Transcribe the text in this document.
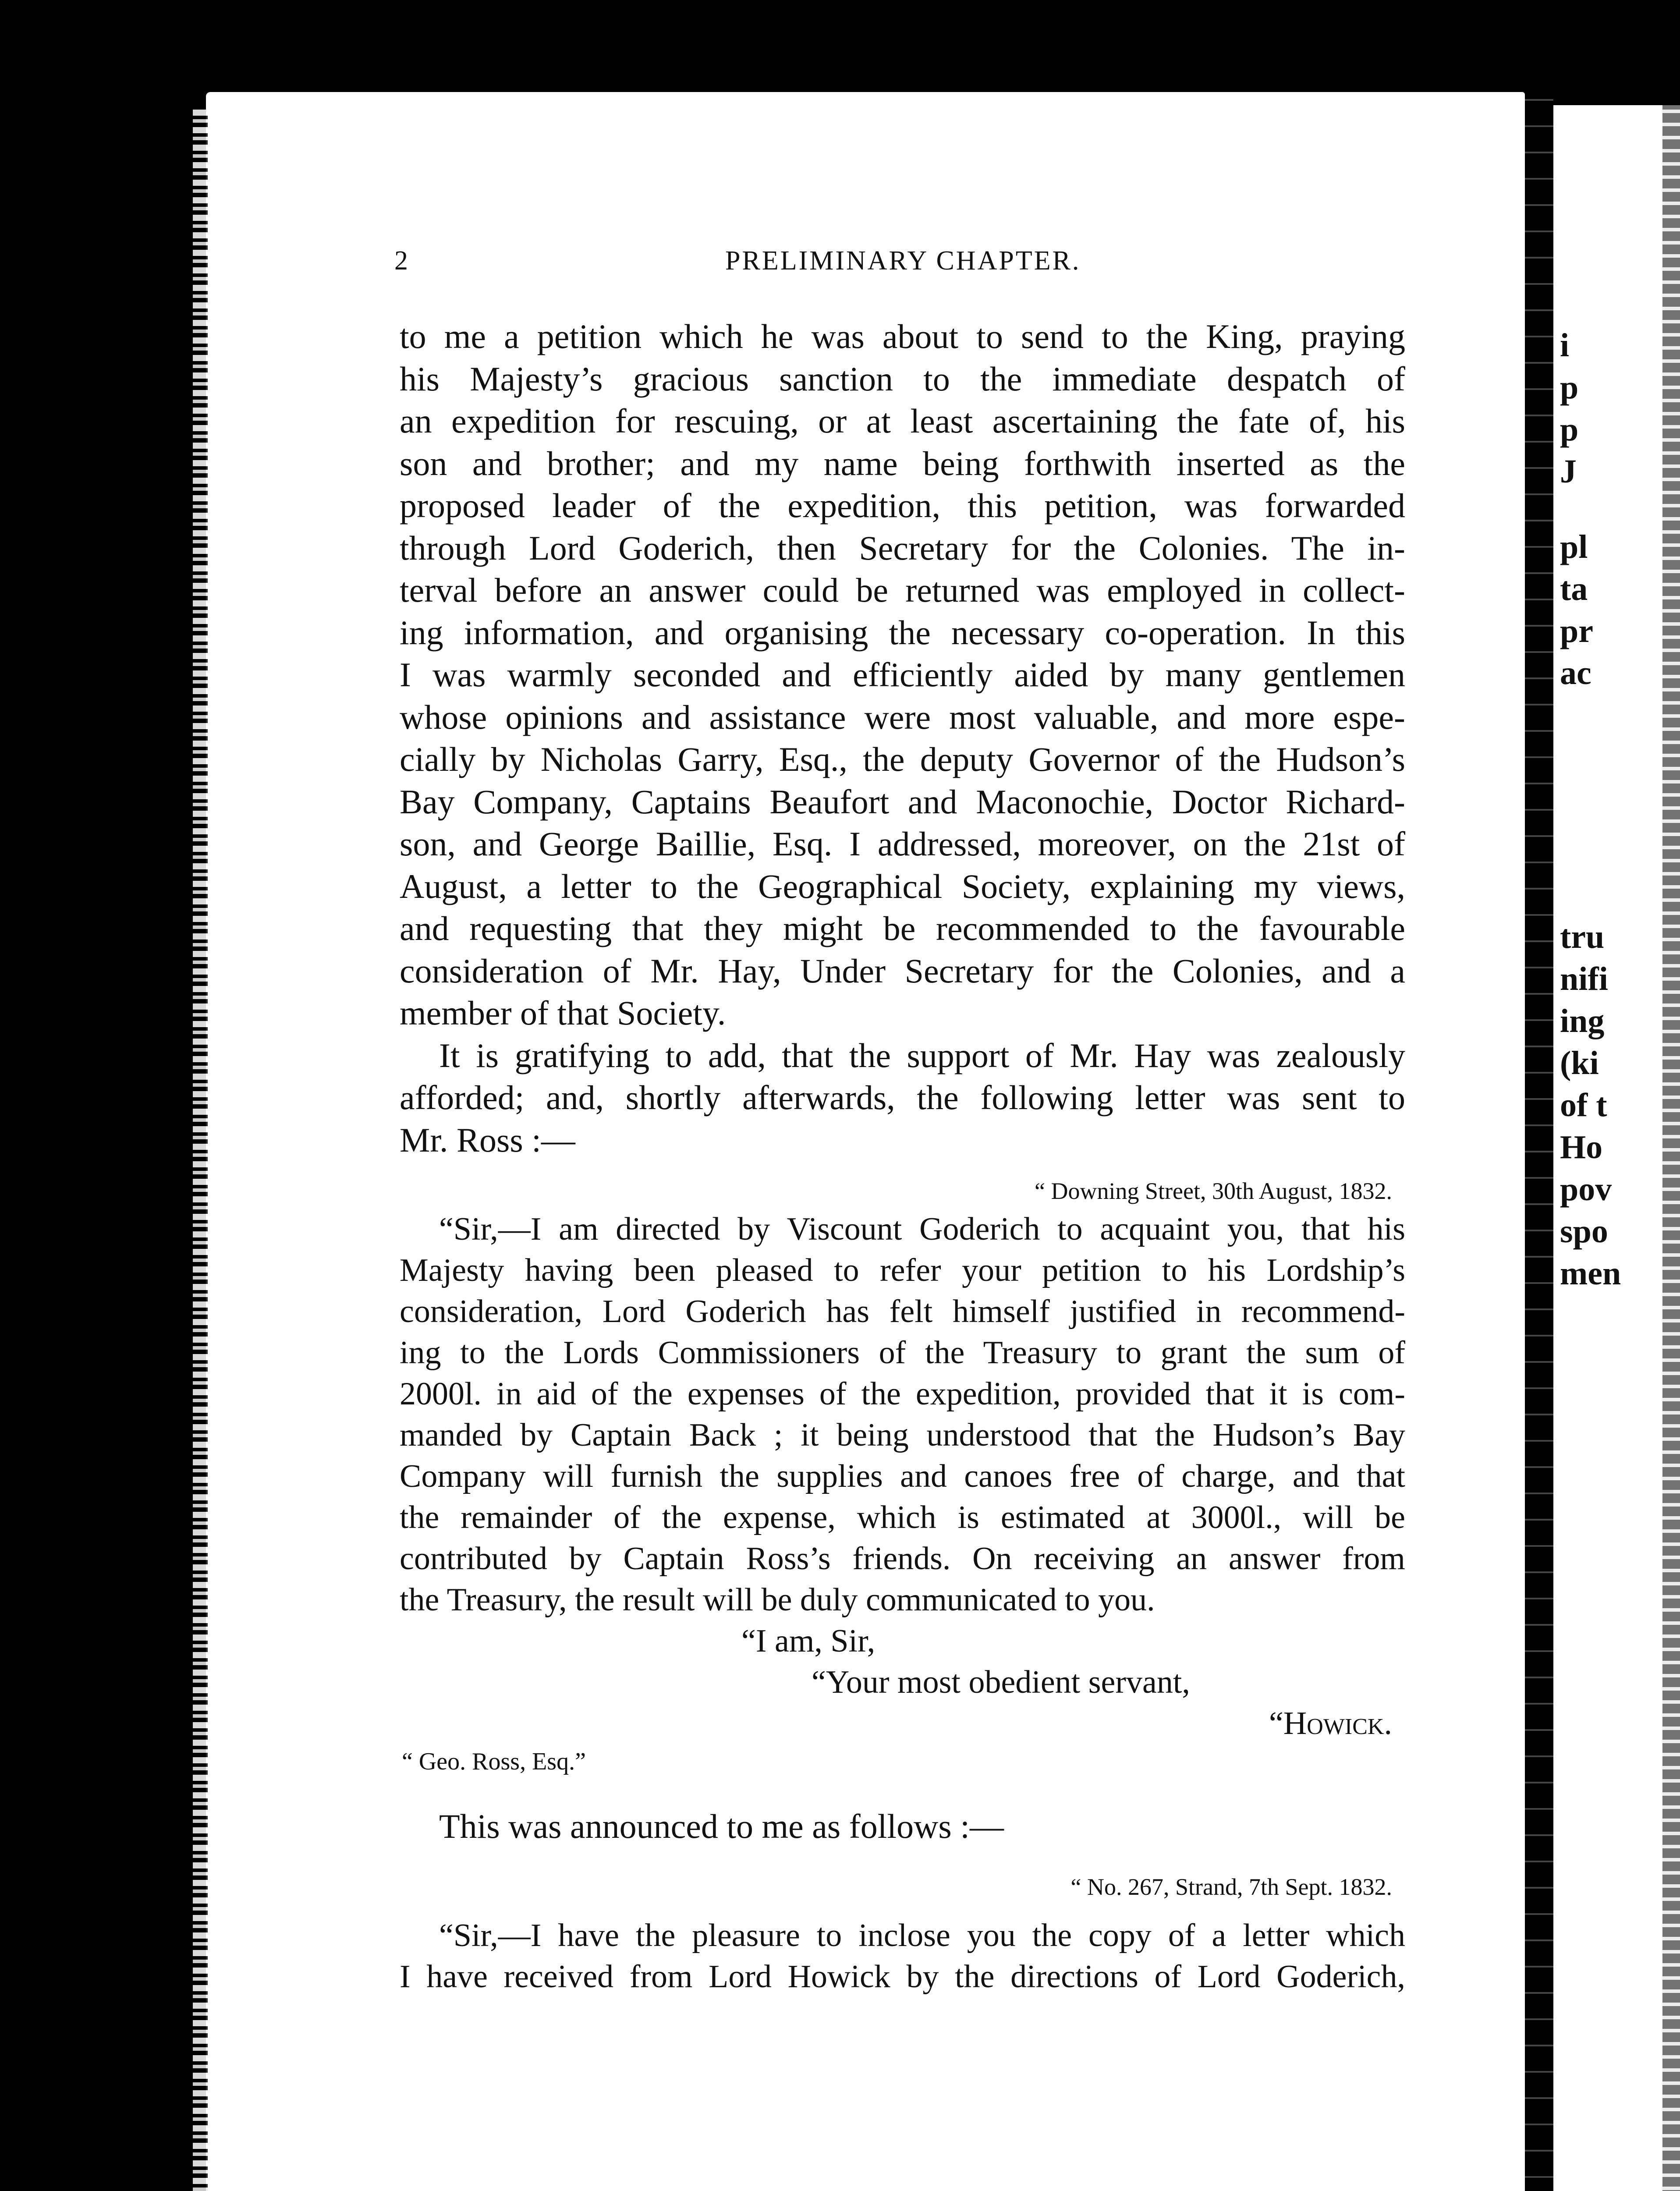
i
p
p
J
pl
ta
pr
ac
tru
nifi
ing
(ki
of t
Ho
pov
spo
men
2	PRELIMINARY CHAPTER.

to me a petition which he was about to send to the King, praying

his Majesty’s gracious sanction to the immediate despatch of

an expedition for rescuing, or at least ascertaining the fate of, his

son and brother; and my name being forthwith inserted as the

proposed leader of the expedition, this petition, was forwarded

through Lord Goderich, then Secretary for the Colonies. The in-

terval before an answer could be returned was employed in collect-

ing information, and organising the necessary co-operation. In this

I was warmly seconded and efficiently aided by many gentlemen

whose opinions and assistance were most valuable, and more espe-

cially by Nicholas Garry, Esq., the deputy Governor of the Hudson’s

Bay Company, Captains Beaufort and Maconochie, Doctor Richard-

son, and George Baillie, Esq. I addressed, moreover, on the 21st of

August, a letter to the Geographical Society, explaining my views,

and requesting that they might be recommended to the favourable

consideration of Mr. Hay, Under Secretary for the Colonies, and a

member of that Society.

It is gratifying to add, that the support of Mr. Hay was zealously

afforded; and, shortly afterwards, the following letter was sent to

Mr. Ross :—

“ Downing Street, 30th August, 1832.

“Sir,—I am directed by Viscount Goderich to acquaint you, that his

Majesty having been pleased to refer your petition to his Lordship’s

consideration, Lord Goderich has felt himself justified in recommend-

ing to the Lords Commissioners of the Treasury to grant the sum of

2000l. in aid of the expenses of the expedition, provided that it is com-

manded by Captain Back ; it being understood that the Hudson’s Bay

Company will furnish the supplies and canoes free of charge, and that

the remainder of the expense, which is estimated at 3000l., will be

contributed by Captain Ross’s friends. On receiving an answer from

the Treasury, the result will be duly communicated to you.

“I am, Sir,

“Your most obedient servant,

“Howick.

“ Geo. Ross, Esq.”

This was announced to me as follows :—

“ No. 267, Strand, 7th Sept. 1832.

“Sir,—I have the pleasure to inclose you the copy of a letter which

I have received from Lord Howick by the directions of Lord Goderich,
